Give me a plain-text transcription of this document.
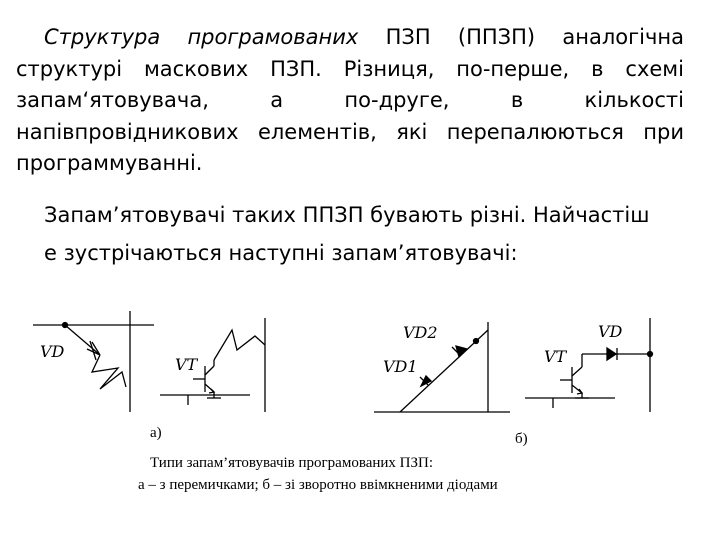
Структура програмованих ПЗП (ППЗП) аналогічна структурі маскових ПЗП. Різниця, по-перше, в схемі запам‘ятовувача, а по-друге, в кількості напівпровідникових елементів, які перепалюються при программуванні.

Запам’ятовувачі таких ППЗП бувають різні. Найчастіш
е зустрічаються наступні запам’ятовувачі:
VD
VT
VD2
VD1
VT
VD
а)	б)
Типи запам’ятовувачів програмованих ПЗП:
а – з перемичками; б – зі зворотно ввімкненими діодами
